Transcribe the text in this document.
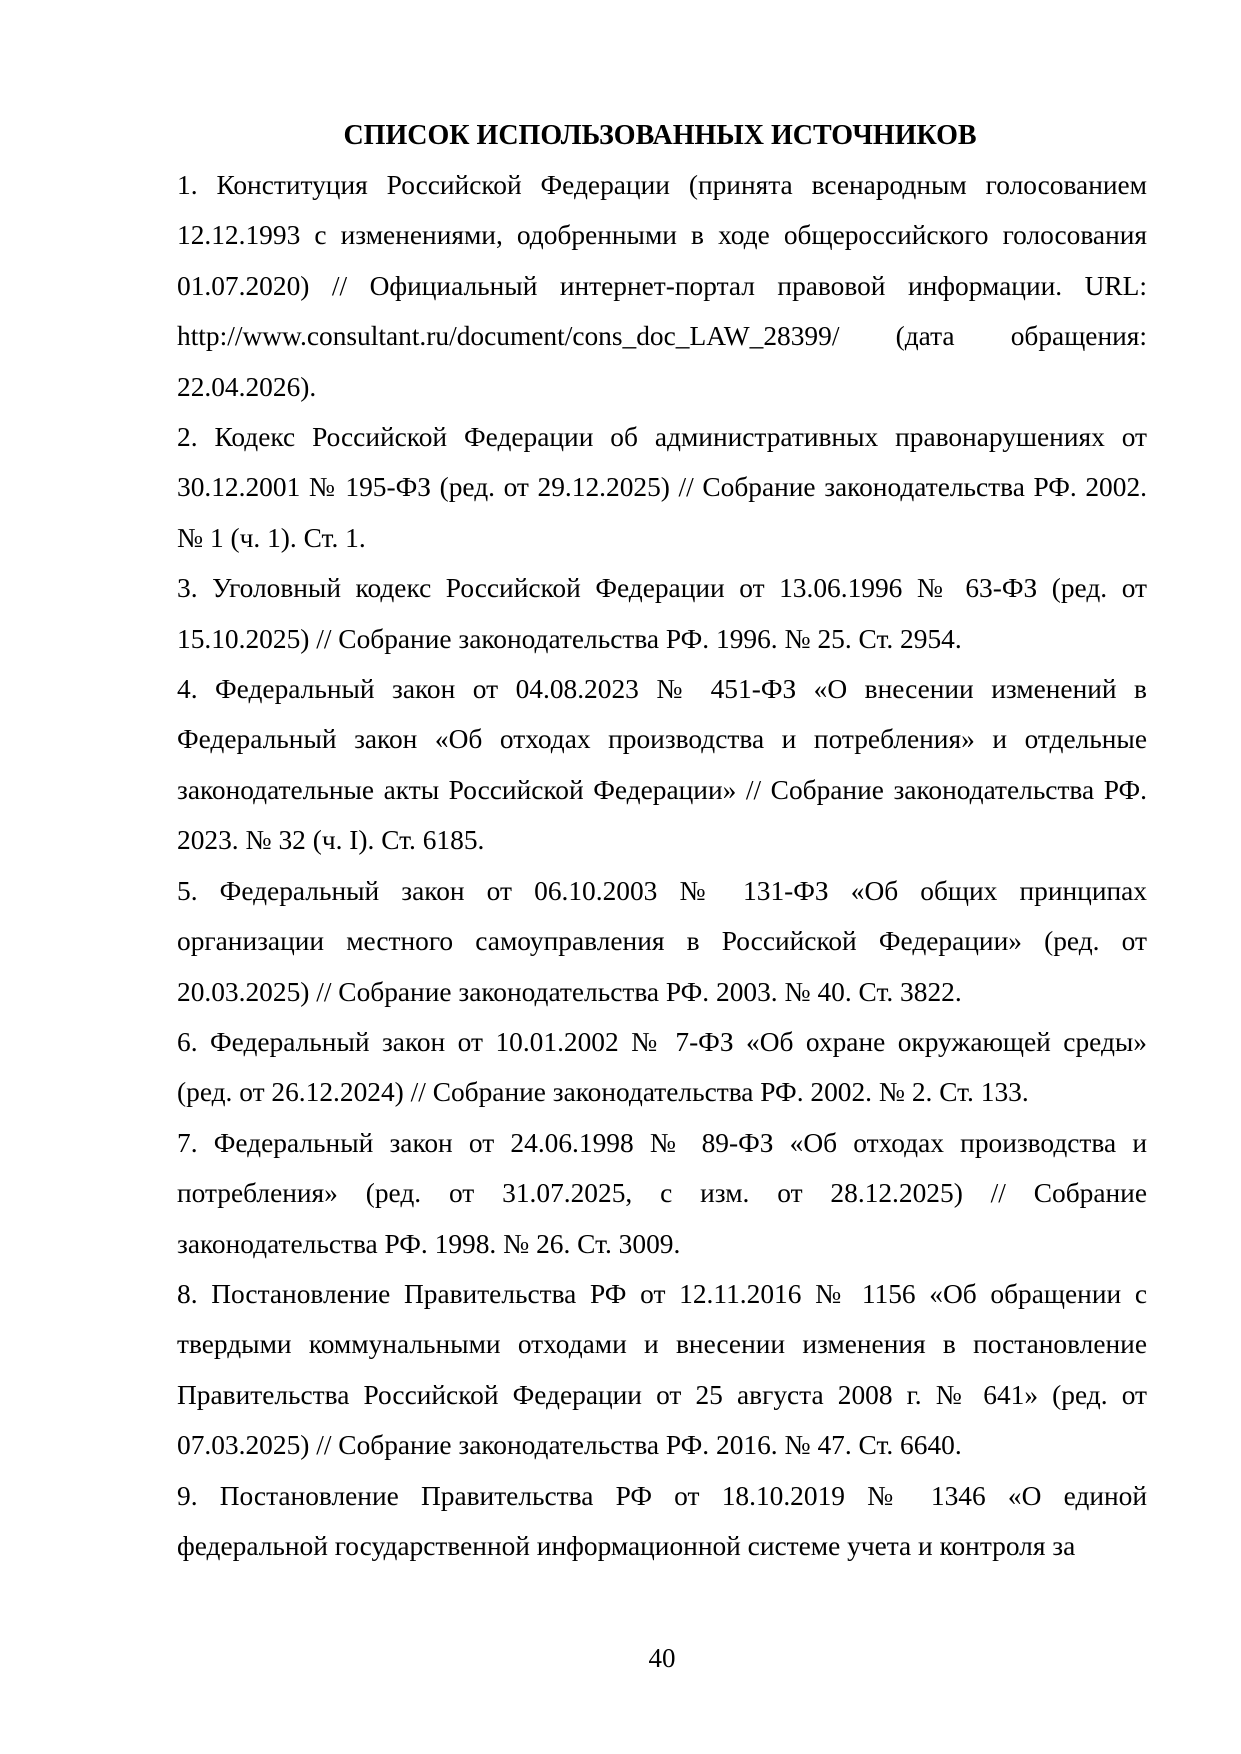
СПИСОК ИСПОЛЬЗОВАННЫХ ИСТОЧНИКОВ

1. Конституция Российской Федерации (принята всенародным голосованием 12.12.1993 с изменениями, одобренными в ходе общероссийского голосования 01.07.2020) // Официальный интернет-портал правовой информации. URL: http://www.consultant.ru/document/cons_doc_LAW_28399/ (дата обращения: 22.04.2026).

2. Кодекс Российской Федерации об административных правонарушениях от 30.12.2001 № 195-ФЗ (ред. от 29.12.2025) // Собрание законодательства РФ. 2002. № 1 (ч. 1). Ст. 1.

3. Уголовный кодекс Российской Федерации от 13.06.1996 № 63-ФЗ (ред. от 15.10.2025) // Собрание законодательства РФ. 1996. № 25. Ст. 2954.

4. Федеральный закон от 04.08.2023 № 451-ФЗ «О внесении изменений в Федеральный закон «Об отходах производства и потребления» и отдельные законодательные акты Российской Федерации» // Собрание законодательства РФ. 2023. № 32 (ч. I). Ст. 6185.

5. Федеральный закон от 06.10.2003 № 131-ФЗ «Об общих принципах организации местного самоуправления в Российской Федерации» (ред. от 20.03.2025) // Собрание законодательства РФ. 2003. № 40. Ст. 3822.

6. Федеральный закон от 10.01.2002 № 7-ФЗ «Об охране окружающей среды» (ред. от 26.12.2024) // Собрание законодательства РФ. 2002. № 2. Ст. 133.

7. Федеральный закон от 24.06.1998 № 89-ФЗ «Об отходах производства и потребления» (ред. от 31.07.2025, с изм. от 28.12.2025) // Собрание законодательства РФ. 1998. № 26. Ст. 3009.

8. Постановление Правительства РФ от 12.11.2016 № 1156 «Об обращении с твердыми коммунальными отходами и внесении изменения в постановление Правительства Российской Федерации от 25 августа 2008 г. № 641» (ред. от 07.03.2025) // Собрание законодательства РФ. 2016. № 47. Ст. 6640.

9. Постановление Правительства РФ от 18.10.2019 № 1346 «О единой федеральной государственной информационной системе учета и контроля за

40
